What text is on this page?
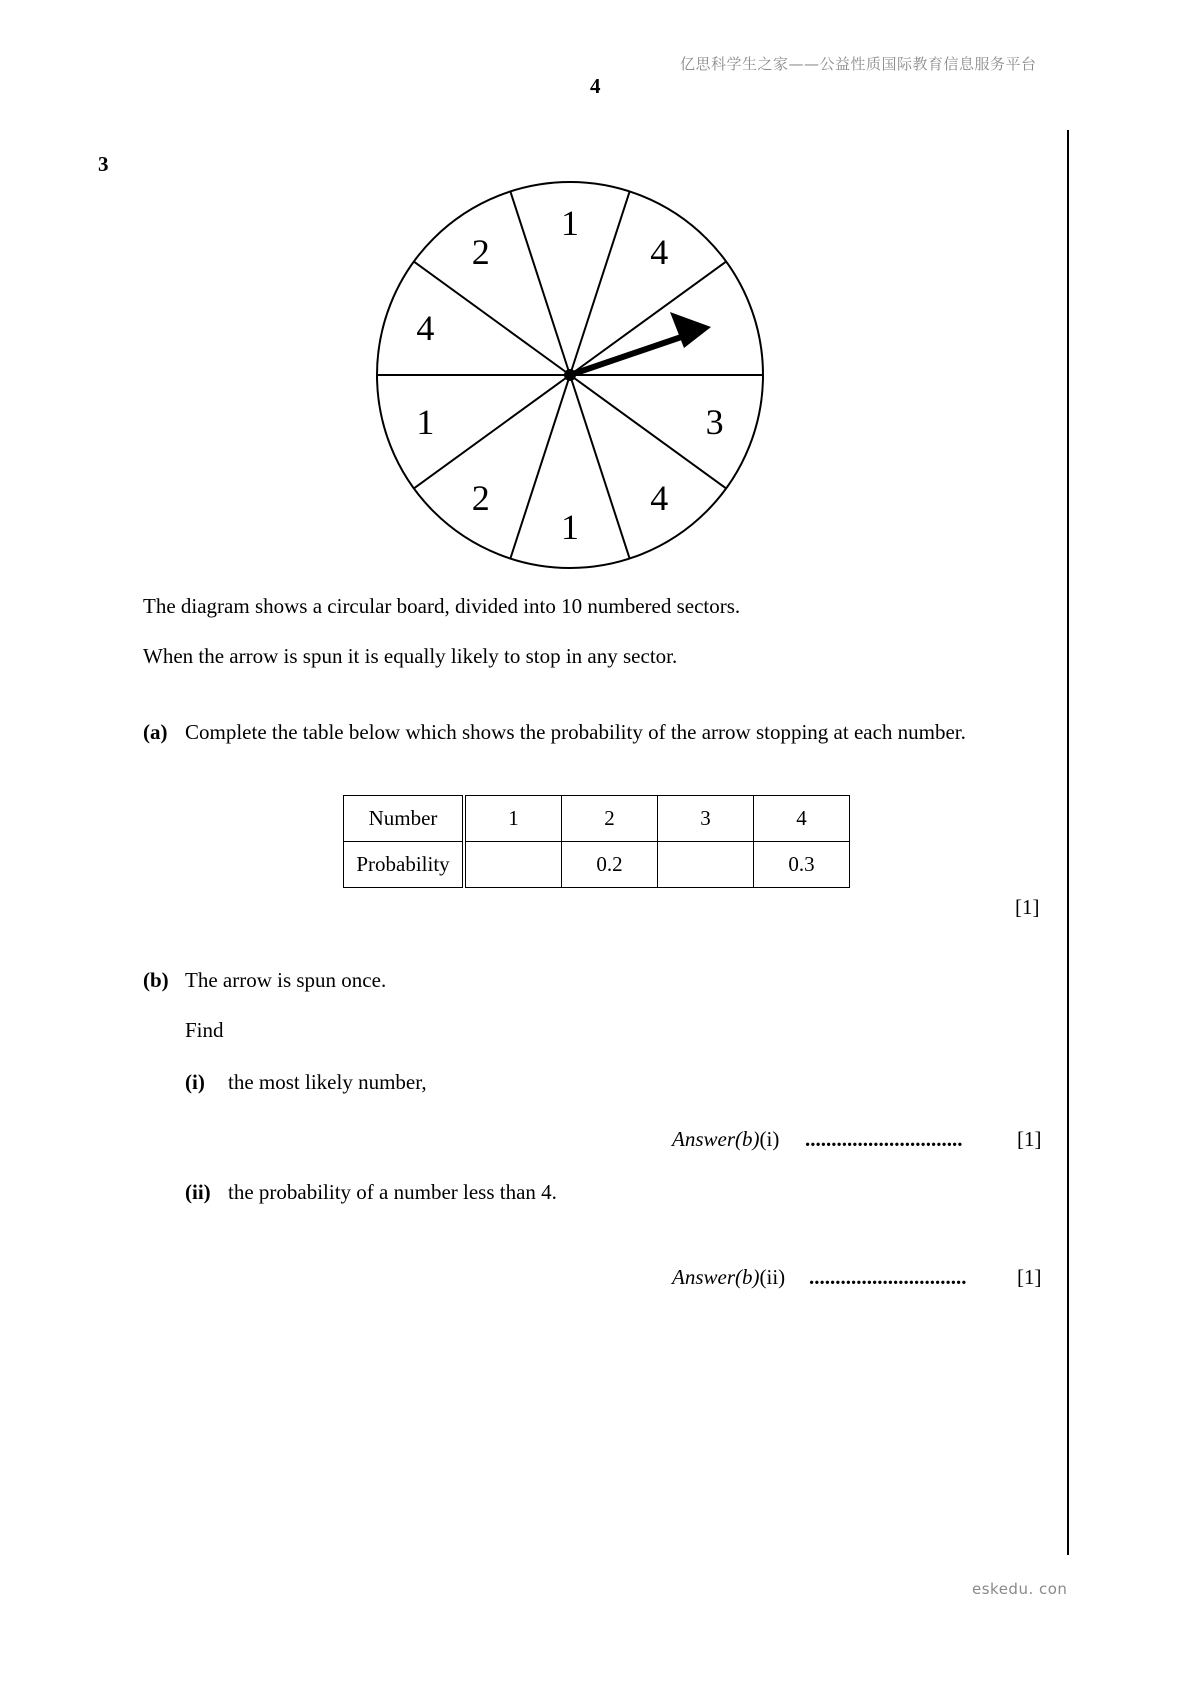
亿思科学生之家——公益性质国际教育信息服务平台
4
3
1
4
3
4
1
2
1
4
2
The diagram shows a circular board, divided into 10 numbered sectors.
When the arrow is spun it is equally likely to stop in any sector.
(a) Complete the table below which shows the probability of the arrow stopping at each number.
Number	1	2	3	4
Probability		0.2		0.3
[1]
(b) The arrow is spun once.
Find
(i) the most likely number,
Answer(b)(i) ..............................	[1]
(ii) the probability of a number less than 4.
Answer(b)(ii) .............................. [1]
eskedu. con
